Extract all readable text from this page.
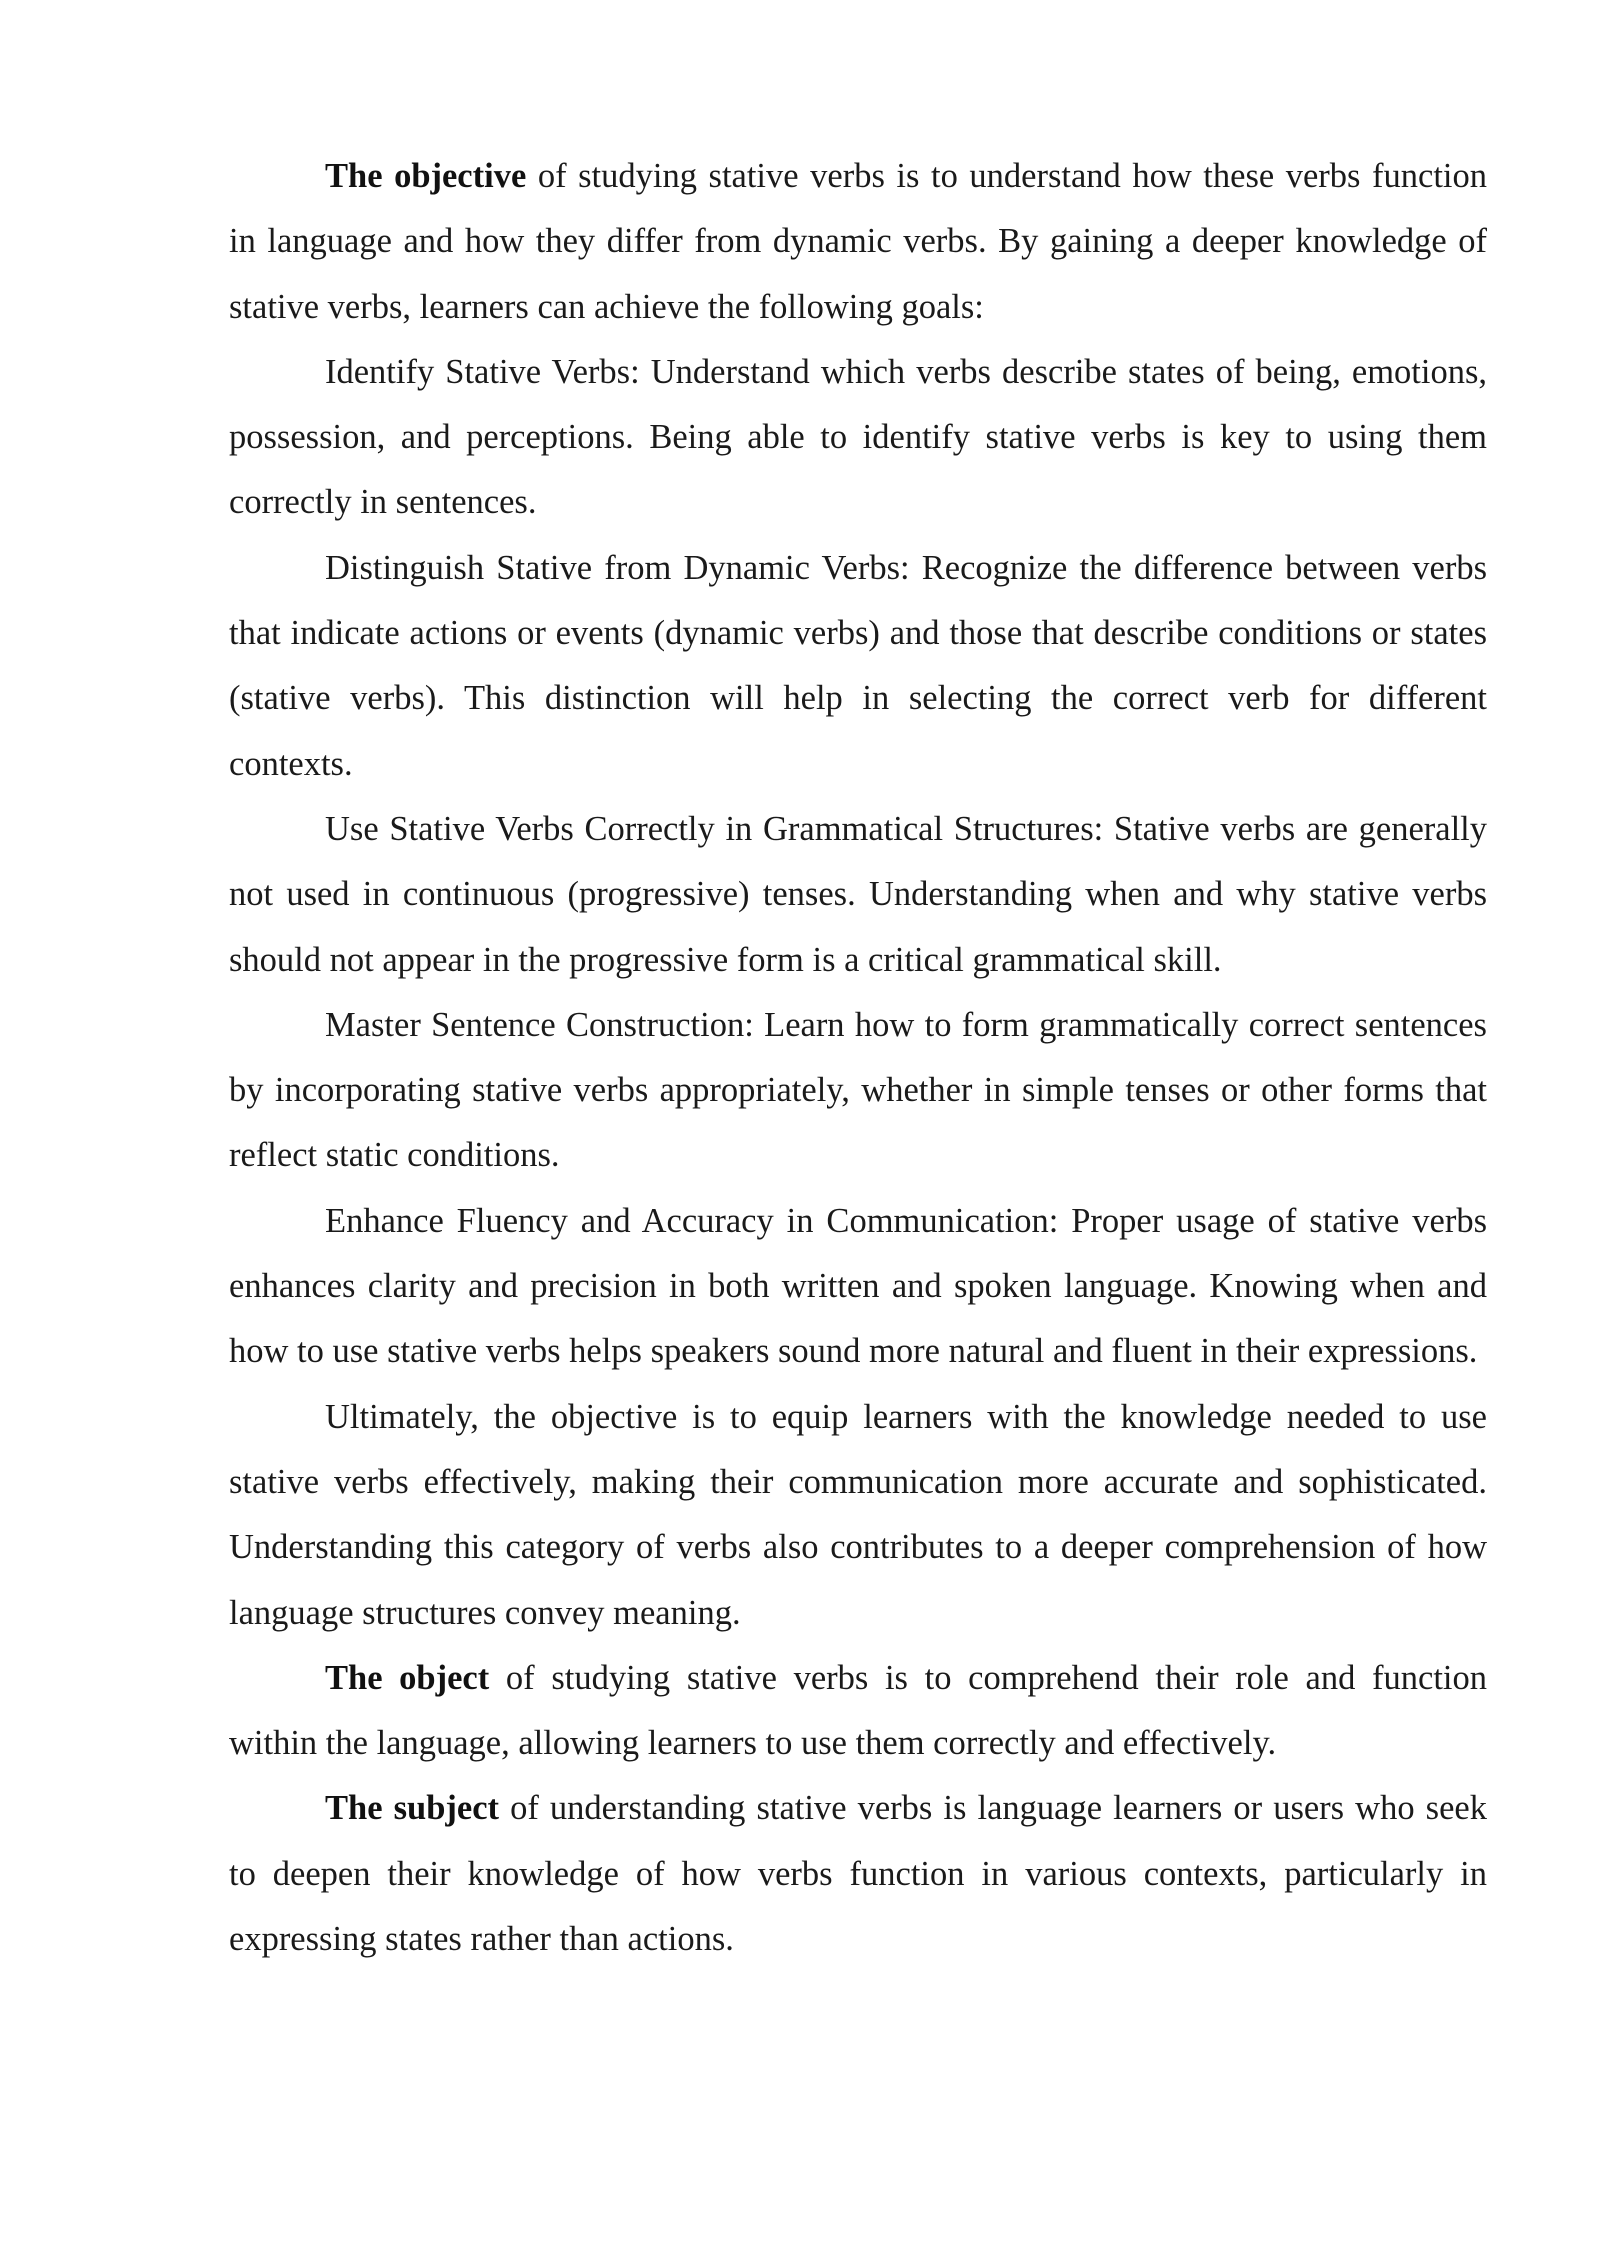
The objective of studying stative verbs is to understand how these verbs function in language and how they differ from dynamic verbs. By gaining a deeper knowledge of stative verbs, learners can achieve the following goals:

Identify Stative Verbs: Understand which verbs describe states of being, emotions, possession, and perceptions. Being able to identify stative verbs is key to using them correctly in sentences.

Distinguish Stative from Dynamic Verbs: Recognize the difference between verbs that indicate actions or events (dynamic verbs) and those that describe conditions or states (stative verbs). This distinction will help in selecting the correct verb for different contexts.

Use Stative Verbs Correctly in Grammatical Structures: Stative verbs are generally not used in continuous (progressive) tenses. Understanding when and why stative verbs should not appear in the progressive form is a critical grammatical skill.

Master Sentence Construction: Learn how to form grammatically correct sentences by incorporating stative verbs appropriately, whether in simple tenses or other forms that reflect static conditions.

Enhance Fluency and Accuracy in Communication: Proper usage of stative verbs enhances clarity and precision in both written and spoken language. Knowing when and how to use stative verbs helps speakers sound more natural and fluent in their expressions.

Ultimately, the objective is to equip learners with the knowledge needed to use stative verbs effectively, making their communication more accurate and sophisticated. Understanding this category of verbs also contributes to a deeper comprehension of how language structures convey meaning.

The object of studying stative verbs is to comprehend their role and function within the language, allowing learners to use them correctly and effectively.

The subject of understanding stative verbs is language learners or users who seek to deepen their knowledge of how verbs function in various contexts, particularly in expressing states rather than actions.
